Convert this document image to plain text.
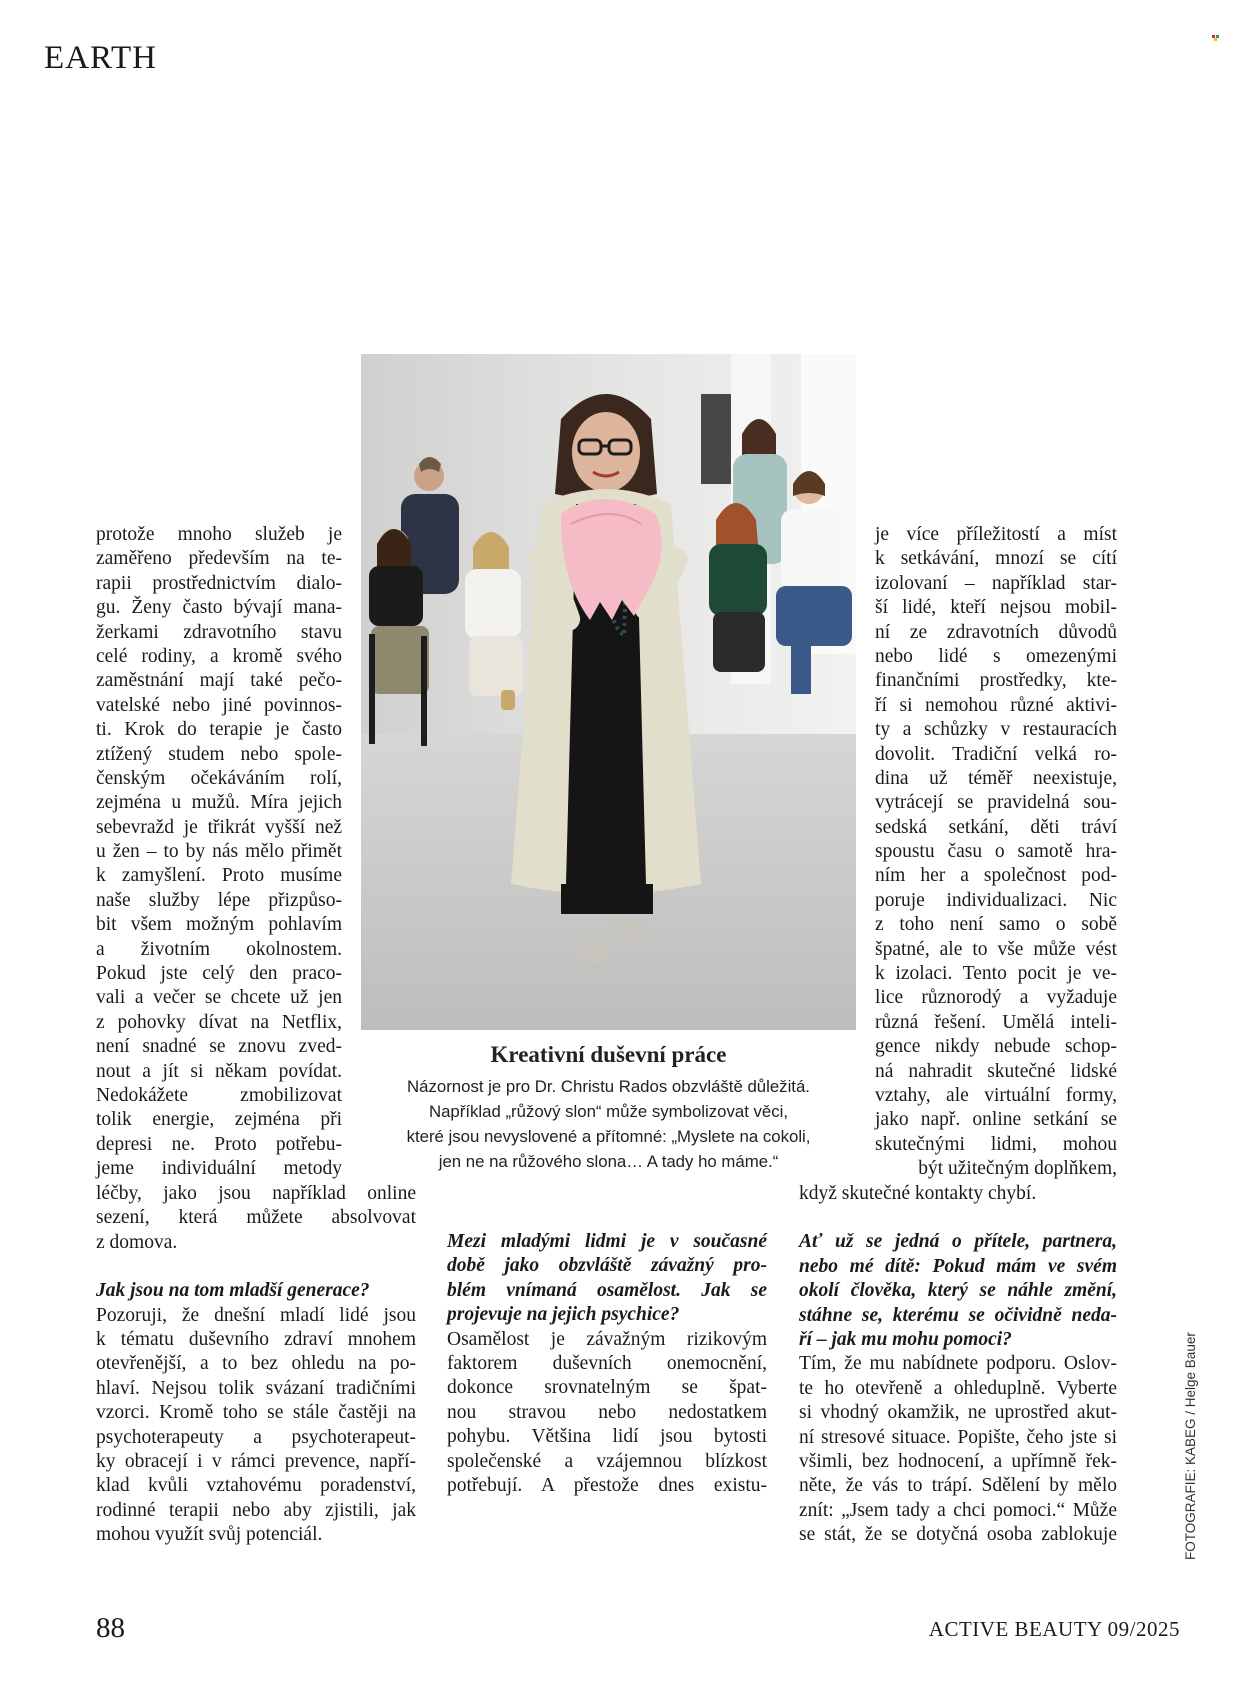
EARTH
Kreativní duševní práce
Názornost je pro Dr. Christu Rados obzvláště důležitá.
Například „růžový slon“ může symbolizovat věci,
které jsou nevyslovené a přítomné: „Myslete na cokoli,
jen ne na růžového slona… A tady ho máme.“
protože mnoho služeb je
zaměřeno především na te-
rapii prostřednictvím dialo-
gu. Ženy často bývají mana-
žerkami zdravotního stavu
celé rodiny, a kromě svého
zaměstnání mají také pečo-
vatelské nebo jiné povinnos-
ti. Krok do terapie je často
ztížený studem nebo spole-
čenským očekáváním rolí,
zejména u mužů. Míra jejich
sebevražd je třikrát vyšší než
u žen – to by nás mělo přimět
k zamyšlení. Proto musíme
naše služby lépe přizpůso-
bit všem možným pohlavím
a životním okolnostem.
Pokud jste celý den praco-
vali a večer se chcete už jen
z pohovky dívat na Netflix,
není snadné se znovu zved-
nout a jít si někam povídat.
Nedokážete zmobilizovat
tolik energie, zejména při
depresi ne. Proto potřebu-
jeme individuální metody
léčby, jako jsou například online
sezení, která můžete absolvovat
z domova.
Jak jsou na tom mladší generace?
Pozoruji, že dnešní mladí lidé jsou
k tématu duševního zdraví mnohem
otevřenější, a to bez ohledu na po-
hlaví. Nejsou tolik svázaní tradičními
vzorci. Kromě toho se stále častěji na
psychoterapeuty a psychoterapeut-
ky obracejí i v rámci prevence, napří-
klad kvůli vztahovému poradenství,
rodinné terapii nebo aby zjistili, jak
mohou využít svůj potenciál.
Mezi mladými lidmi je v současné
době jako obzvláště závažný pro-
blém vnímaná osamělost. Jak se
projevuje na jejich psychice?
Osamělost je závažným rizikovým
faktorem duševních onemocnění,
dokonce srovnatelným se špat-
nou stravou nebo nedostatkem
pohybu. Většina lidí jsou bytosti
společenské a vzájemnou blízkost
potřebují. A přestože dnes existu-
je více příležitostí a míst
k setkávání, mnozí se cítí
izolovaní – například star-
ší lidé, kteří nejsou mobil-
ní ze zdravotních důvodů
nebo lidé s omezenými
finančními prostředky, kte-
ří si nemohou různé aktivi-
ty a schůzky v restauracích
dovolit. Tradiční velká ro-
dina už téměř neexistuje,
vytrácejí se pravidelná sou-
sedská setkání, děti tráví
spoustu času o samotě hra-
ním her a společnost pod-
poruje individualizaci. Nic
z toho není samo o sobě
špatné, ale to vše může vést
k izolaci. Tento pocit je ve-
lice různorodý a vyžaduje
různá řešení. Umělá inteli-
gence nikdy nebude schop-
ná nahradit skutečné lidské
vztahy, ale virtuální formy,
jako např. online setkání se
skutečnými lidmi, mohou
být užitečným doplňkem,
když skutečné kontakty chybí.
Ať už se jedná o přítele, partnera,
nebo mé dítě: Pokud mám ve svém
okolí člověka, který se náhle změní,
stáhne se, kterému se očividně neda-
ří – jak mu mohu pomoci?
Tím, že mu nabídnete podporu. Oslov-
te ho otevřeně a ohleduplně. Vyberte
si vhodný okamžik, ne uprostřed akut-
ní stresové situace. Popište, čeho jste si
všimli, bez hodnocení, a upřímně řek-
něte, že vás to trápí. Sdělení by mělo
znít: „Jsem tady a chci pomoci.“ Může
se stát, že se dotyčná osoba zablokuje	FOTOGRAFIE: KABEG / Helge Bauer
88	ACTIVE BEAUTY 09/2025
